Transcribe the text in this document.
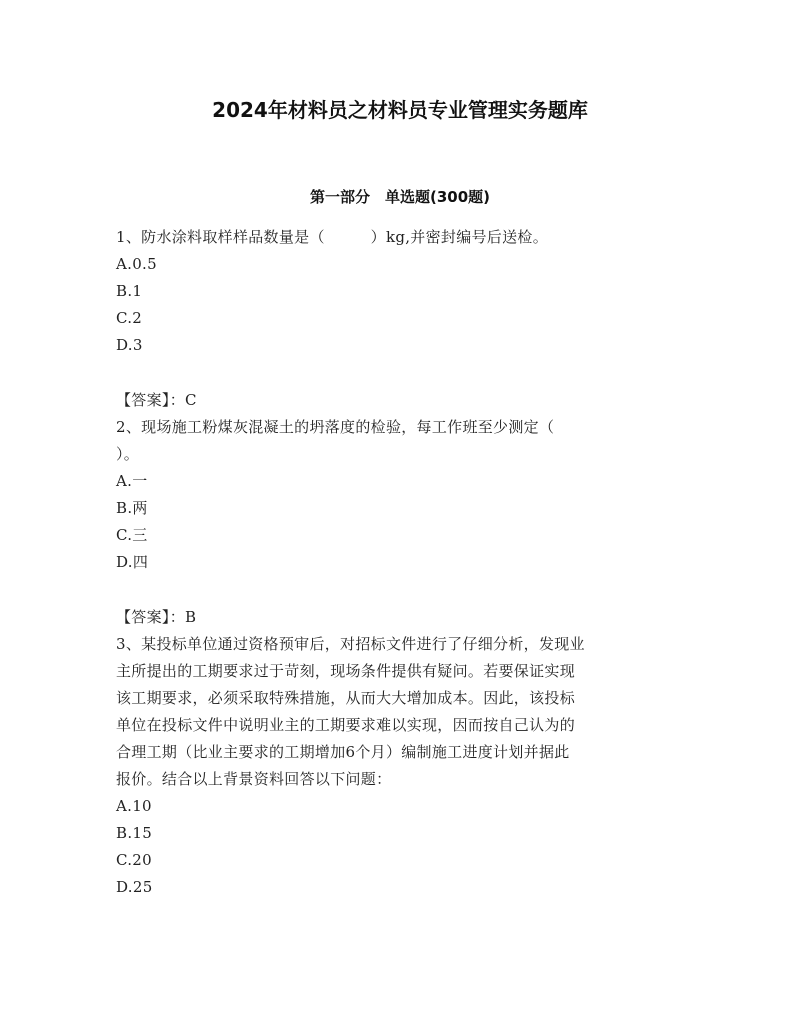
2024年材料员之材料员专业管理实务题库
第一部分　单选题(300题)
1、防水涂料取样样品数量是（　　　）kg,并密封编号后送检。
A.0.5
B.1
C.2
D.3
【答案】：C
2、现场施工粉煤灰混凝土的坍落度的检验，每工作班至少测定（
）。
A.一
B.两
C.三
D.四
【答案】：B
3、某投标单位通过资格预审后，对招标文件进行了仔细分析，发现业
主所提出的工期要求过于苛刻，现场条件提供有疑问。若要保证实现
该工期要求，必须采取特殊措施，从而大大增加成本。因此，该投标
单位在投标文件中说明业主的工期要求难以实现，因而按自己认为的
合理工期（比业主要求的工期增加6个月）编制施工进度计划并据此
报价。结合以上背景资料回答以下问题：
A.10
B.15
C.20
D.25
